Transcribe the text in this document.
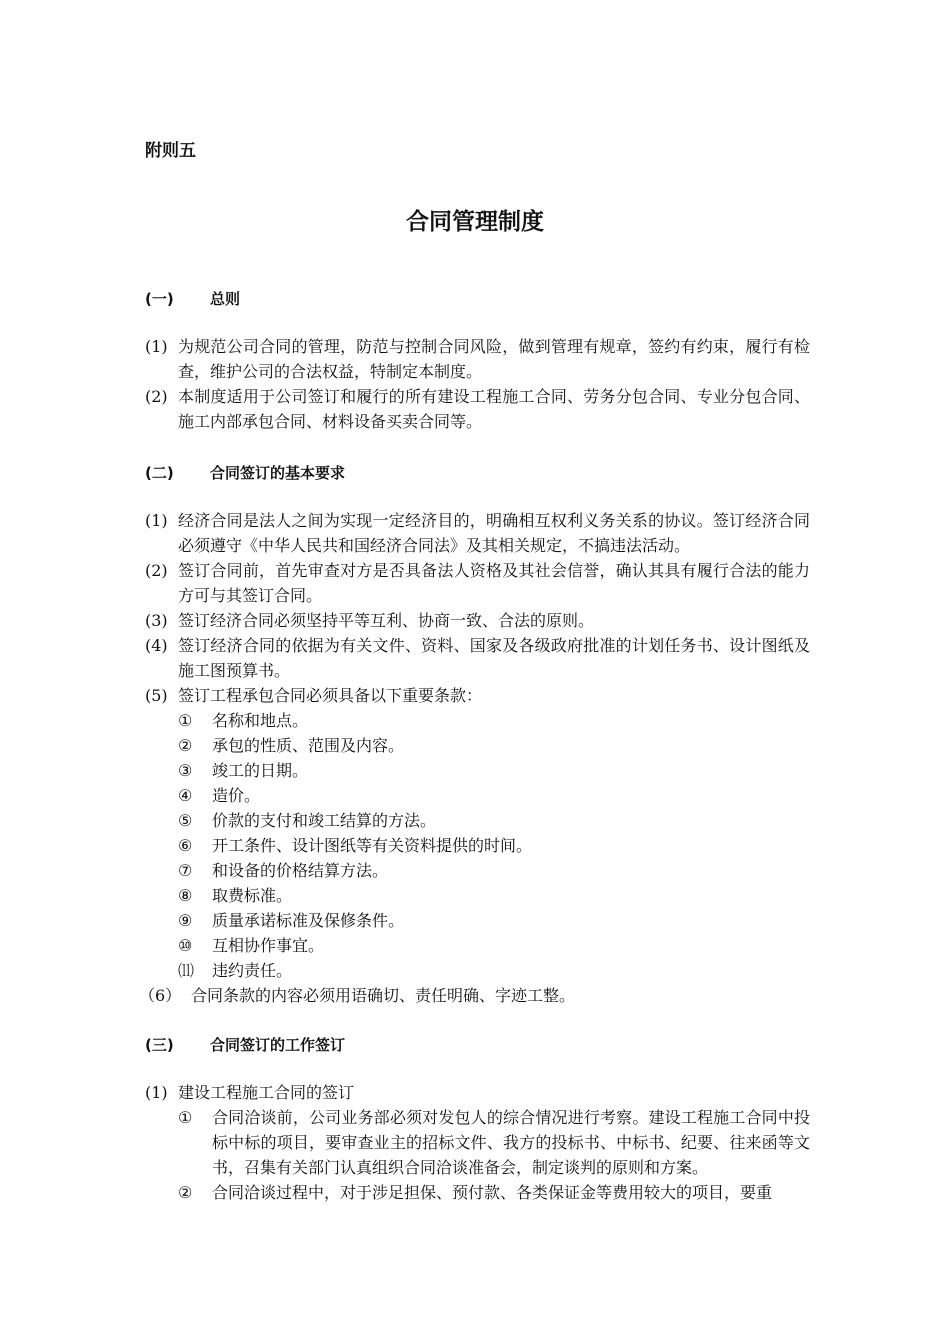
附则五
合同管理制度
(一) 总则
(1) 为规范公司合同的管理，防范与控制合同风险，做到管理有规章，签约有约束，履行有检查，维护公司的合法权益，特制定本制度。
(2) 本制度适用于公司签订和履行的所有建设工程施工合同、劳务分包合同、专业分包合同、施工内部承包合同、材料设备买卖合同等。
(二) 合同签订的基本要求
(1) 经济合同是法人之间为实现一定经济目的，明确相互权利义务关系的协议。签订经济合同必须遵守《中华人民共和国经济合同法》及其相关规定，不搞违法活动。
(2) 签订合同前，首先审查对方是否具备法人资格及其社会信誉，确认其具有履行合法的能力方可与其签订合同。
(3) 签订经济合同必须坚持平等互利、协商一致、合法的原则。
(4) 签订经济合同的依据为有关文件、资料、国家及各级政府批准的计划任务书、设计图纸及施工图预算书。
(5) 签订工程承包合同必须具备以下重要条款：
①	名称和地点。
②	承包的性质、范围及内容。
③	竣工的日期。
④	造价。
⑤	价款的支付和竣工结算的方法。
⑥	开工条件、设计图纸等有关资料提供的时间。
⑦	和设备的价格结算方法。
⑧	取费标准。
⑨	质量承诺标准及保修条件。
⑩	互相协作事宜。
⑾	违约责任。
（6） 合同条款的内容必须用语确切、责任明确、字迹工整。
(三) 合同签订的工作签订
(1) 建设工程施工合同的签订
①	合同洽谈前，公司业务部必须对发包人的综合情况进行考察。建设工程施工合同中投标中标的项目，要审查业主的招标文件、我方的投标书、中标书、纪要、往来函等文书，召集有关部门认真组织合同洽谈准备会，制定谈判的原则和方案。
②	合同洽谈过程中，对于涉足担保、预付款、各类保证金等费用较大的项目，要重
